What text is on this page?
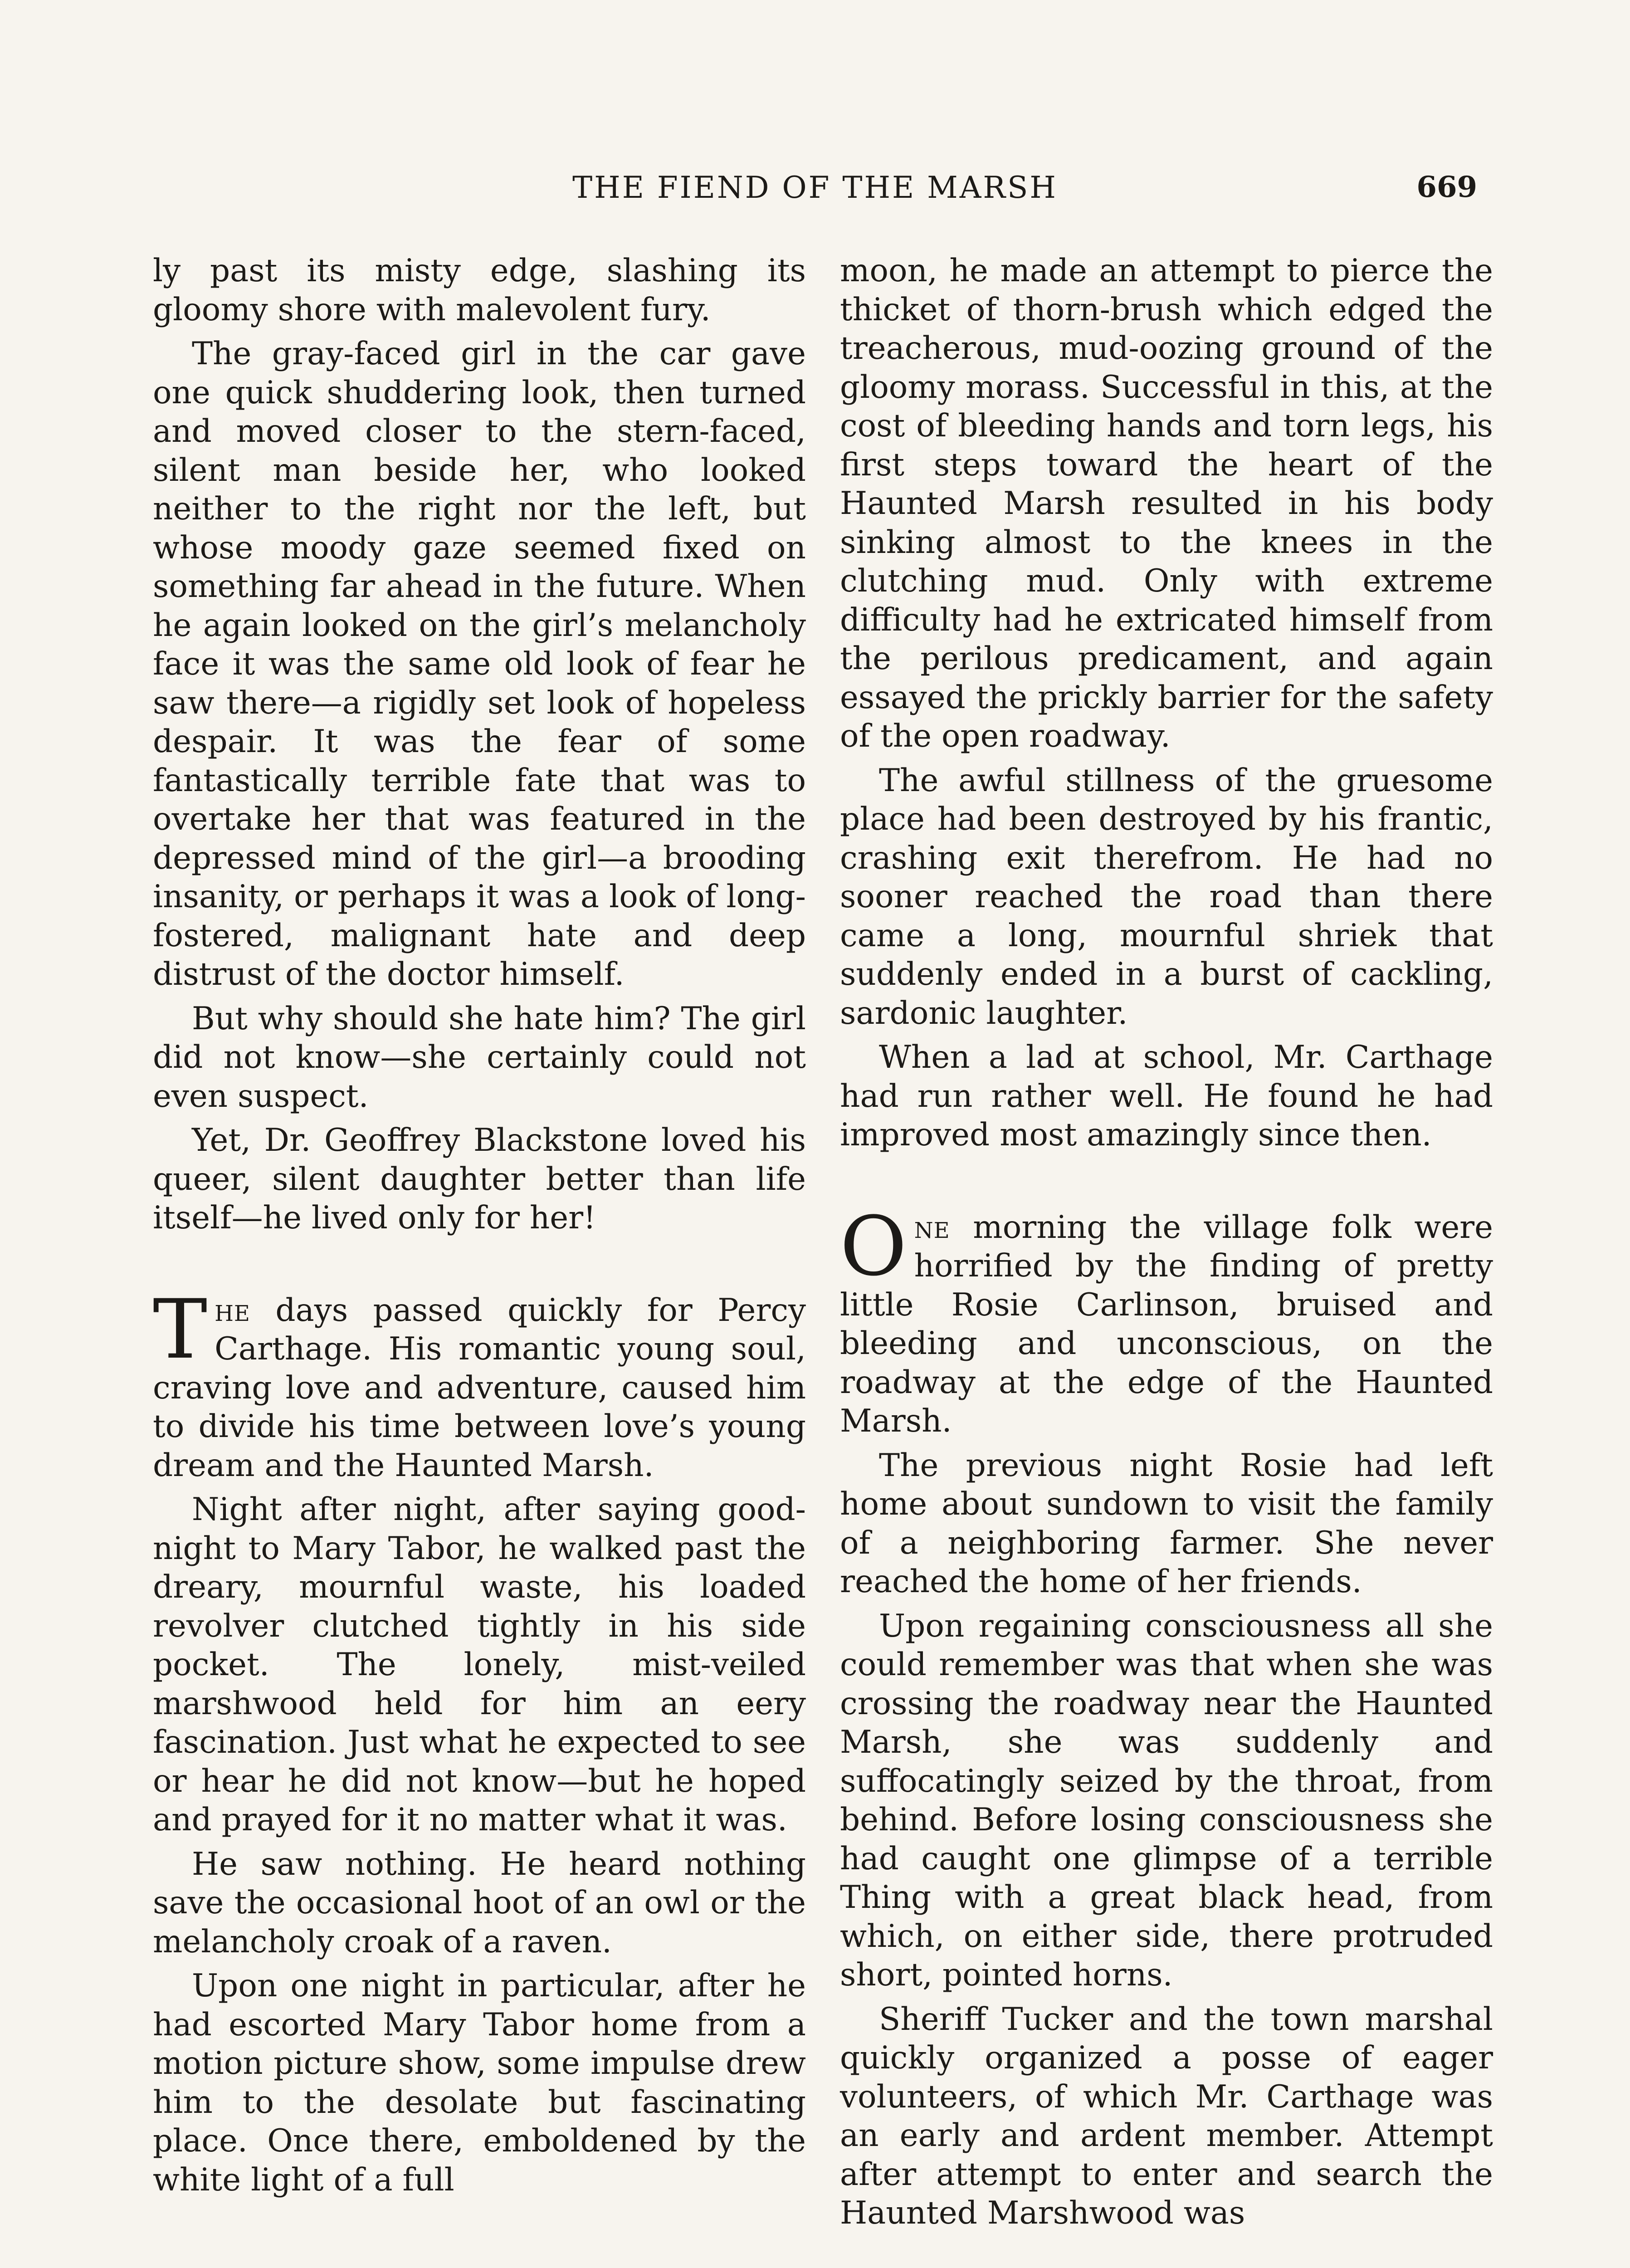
THE FIEND OF THE MARSH	669

ly past its misty edge, slashing its gloomy shore with malevolent fury.

The gray-faced girl in the car gave one quick shuddering look, then turned and moved closer to the stern-faced, silent man beside her, who looked neither to the right nor the left, but whose moody gaze seemed fixed on something far ahead in the future. When he again looked on the girl’s melancholy face it was the same old look of fear he saw there—a rigidly set look of hopeless despair. It was the fear of some fantastically terrible fate that was to overtake her that was featured in the depressed mind of the girl—a brooding insanity, or perhaps it was a look of long-fostered, malignant hate and deep distrust of the doctor himself.

But why should she hate him? The girl did not know—she certainly could not even suspect.

Yet, Dr. Geoffrey Blackstone loved his queer, silent daughter better than life itself—he lived only for her!

The days passed quickly for Percy Carthage. His romantic young soul, craving love and adventure, caused him to divide his time between love’s young dream and the Haunted Marsh.

Night after night, after saying good-night to Mary Tabor, he walked past the dreary, mournful waste, his loaded revolver clutched tightly in his side pocket. The lonely, mist-veiled marshwood held for him an eery fascination. Just what he expected to see or hear he did not know—but he hoped and prayed for it no matter what it was.

He saw nothing. He heard nothing save the occasional hoot of an owl or the melancholy croak of a raven.

Upon one night in particular, after he had escorted Mary Tabor home from a motion picture show, some impulse drew him to the desolate but fascinating place. Once there, emboldened by the white light of a full

moon, he made an attempt to pierce the thicket of thorn-brush which edged the treacherous, mud-oozing ground of the gloomy morass. Successful in this, at the cost of bleeding hands and torn legs, his first steps toward the heart of the Haunted Marsh resulted in his body sinking almost to the knees in the clutching mud. Only with extreme difficulty had he extricated himself from the perilous predicament, and again essayed the prickly barrier for the safety of the open roadway.

The awful stillness of the gruesome place had been destroyed by his frantic, crashing exit therefrom. He had no sooner reached the road than there came a long, mournful shriek that suddenly ended in a burst of cackling, sardonic laughter.

When a lad at school, Mr. Carthage had run rather well. He found he had improved most amazingly since then.

One morning the village folk were horrified by the finding of pretty little Rosie Carlinson, bruised and bleeding and unconscious, on the roadway at the edge of the Haunted Marsh.

The previous night Rosie had left home about sundown to visit the family of a neighboring farmer. She never reached the home of her friends.

Upon regaining consciousness all she could remember was that when she was crossing the roadway near the Haunted Marsh, she was suddenly and suffocatingly seized by the throat, from behind. Before losing consciousness she had caught one glimpse of a terrible Thing with a great black head, from which, on either side, there protruded short, pointed horns.

Sheriff Tucker and the town marshal quickly organized a posse of eager volunteers, of which Mr. Carthage was an early and ardent member. Attempt after attempt to enter and search the Haunted Marshwood was
